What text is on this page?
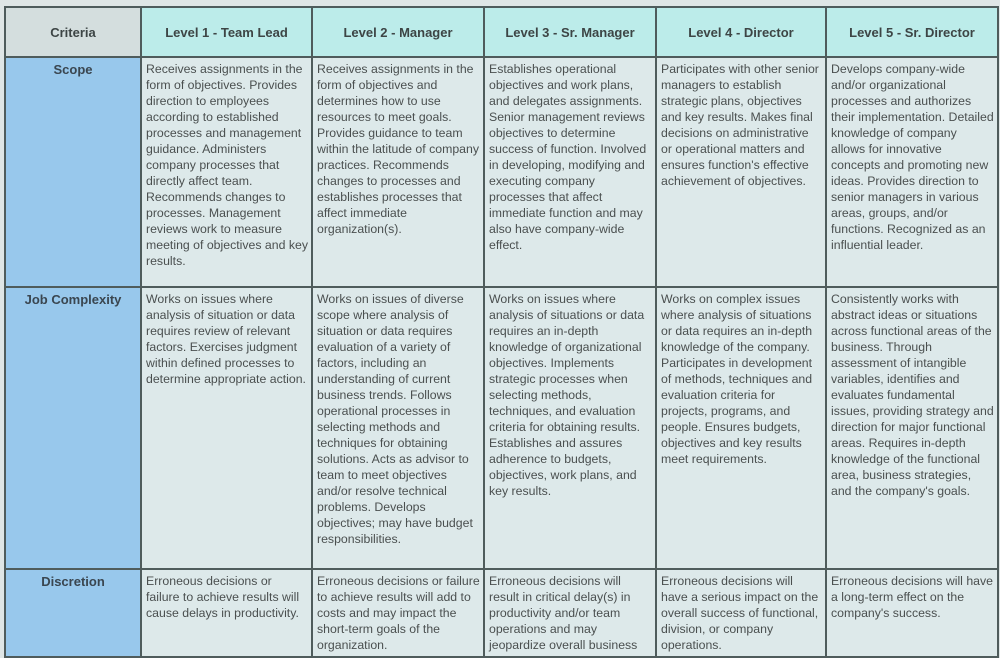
Criteria	Level 1 - Team Lead	Level 2 - Manager	Level 3 - Sr. Manager	Level 4 - Director	Level 5 - Sr. Director
Scope	Receives assignments in the form of objectives. Provides direction to employees according to established processes and management guidance. Administers company processes that directly affect team. Recommends changes to processes. Management reviews work to measure meeting of objectives and key results.	Receives assignments in the form of objectives and determines how to use resources to meet goals. Provides guidance to team within the latitude of company practices. Recommends changes to processes and establishes processes that affect immediate organization(s).	Establishes operational objectives and work plans, and delegates assignments. Senior management reviews objectives to determine success of function. Involved in developing, modifying and executing company processes that affect immediate function and may also have company-wide effect.	Participates with other senior managers to establish strategic plans, objectives and key results. Makes final decisions on administrative or operational matters and ensures function's effective achievement of objectives.	Develops company-wide and/or organizational processes and authorizes their implementation. Detailed knowledge of company allows for innovative concepts and promoting new ideas. Provides direction to senior managers in various areas, groups, and/or functions. Recognized as an influential leader.
Job Complexity	Works on issues where analysis of situation or data requires review of relevant factors. Exercises judgment within defined processes to determine appropriate action.	Works on issues of diverse scope where analysis of situation or data requires evaluation of a variety of factors, including an understanding of current business trends. Follows operational processes in selecting methods and techniques for obtaining solutions. Acts as advisor to team to meet objectives and/or resolve technical problems. Develops objectives; may have budget responsibilities.	Works on issues where analysis of situations or data requires an in-depth knowledge of organizational objectives. Implements strategic processes when selecting methods, techniques, and evaluation criteria for obtaining results. Establishes and assures adherence to budgets, objectives, work plans, and key results.	Works on complex issues where analysis of situations or data requires an in-depth knowledge of the company. Participates in development of methods, techniques and evaluation criteria for projects, programs, and people. Ensures budgets, objectives and key results meet requirements.	Consistently works with abstract ideas or situations across functional areas of the business. Through assessment of intangible variables, identifies and evaluates fundamental issues, providing strategy and direction for major functional areas. Requires in-depth knowledge of the functional area, business strategies, and the company's goals.
Discretion	Erroneous decisions or failure to achieve results will cause delays in productivity.	Erroneous decisions or failure to achieve results will add to costs and may impact the short-term goals of the organization.	Erroneous decisions will result in critical delay(s) in productivity and/or team operations and may jeopardize overall business	Erroneous decisions will have a serious impact on the overall success of functional, division, or company operations.	Erroneous decisions will have a long-term effect on the company's success.
